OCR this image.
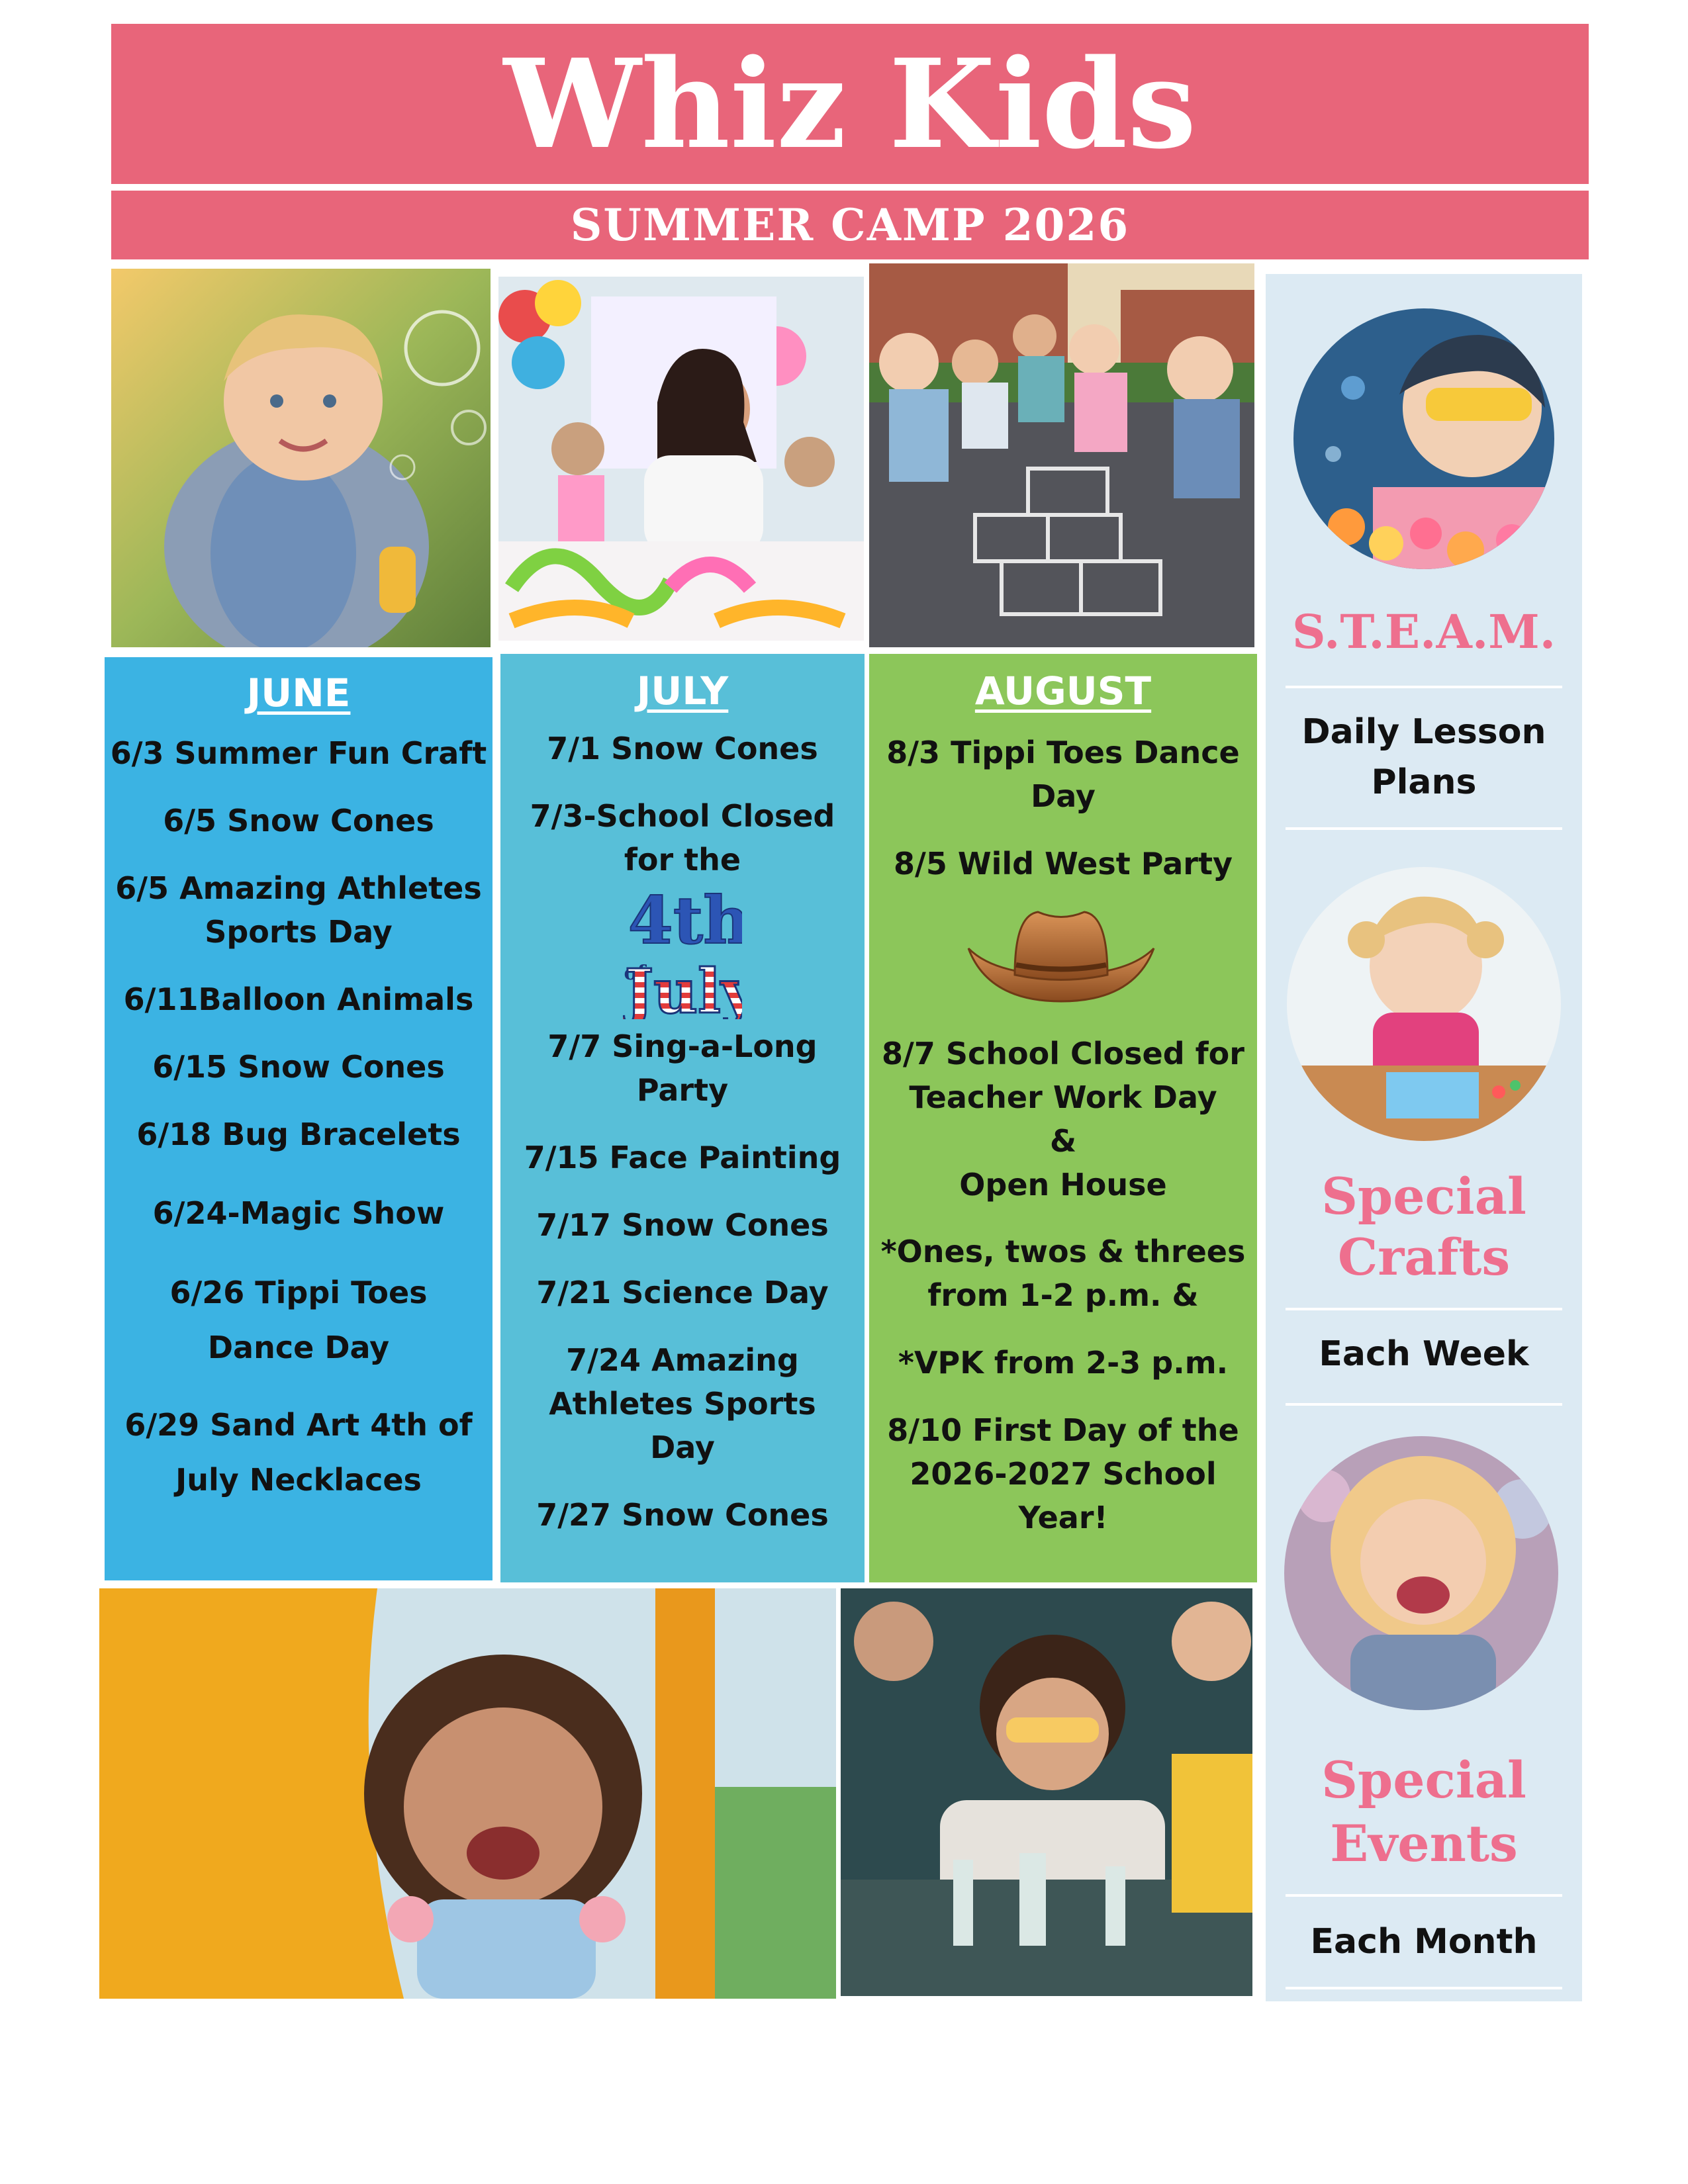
Whiz Kids
SUMMER CAMP 2026
JUNE
6/3 Summer Fun Craft
6/5 Snow Cones
6/5 Amazing Athletes
Sports Day
6/11Balloon Animals
6/15 Snow Cones
6/18 Bug Bracelets
6/24-Magic Show
6/26 Tippi Toes
Dance Day
6/29 Sand Art 4th of
July Necklaces
JULY
7/1 Snow Cones
7/3-School Closed
for the
4th
of
July
7/7 Sing-a-Long
Party
7/15 Face Painting
7/17 Snow Cones
7/21 Science Day
7/24 Amazing
Athletes Sports
Day
7/27 Snow Cones
AUGUST
8/3 Tippi Toes Dance
Day
8/5 Wild West Party
8/7 School Closed for
Teacher Work Day
&
Open House
*Ones, twos & threes
from 1-2 p.m. &
*VPK from 2-3 p.m.
8/10 First Day of the
2026-2027 School
Year!
S.T.E.A.M.
Daily Lesson
Plans
Special
Crafts
Each Week
Special
Events
Each Month
